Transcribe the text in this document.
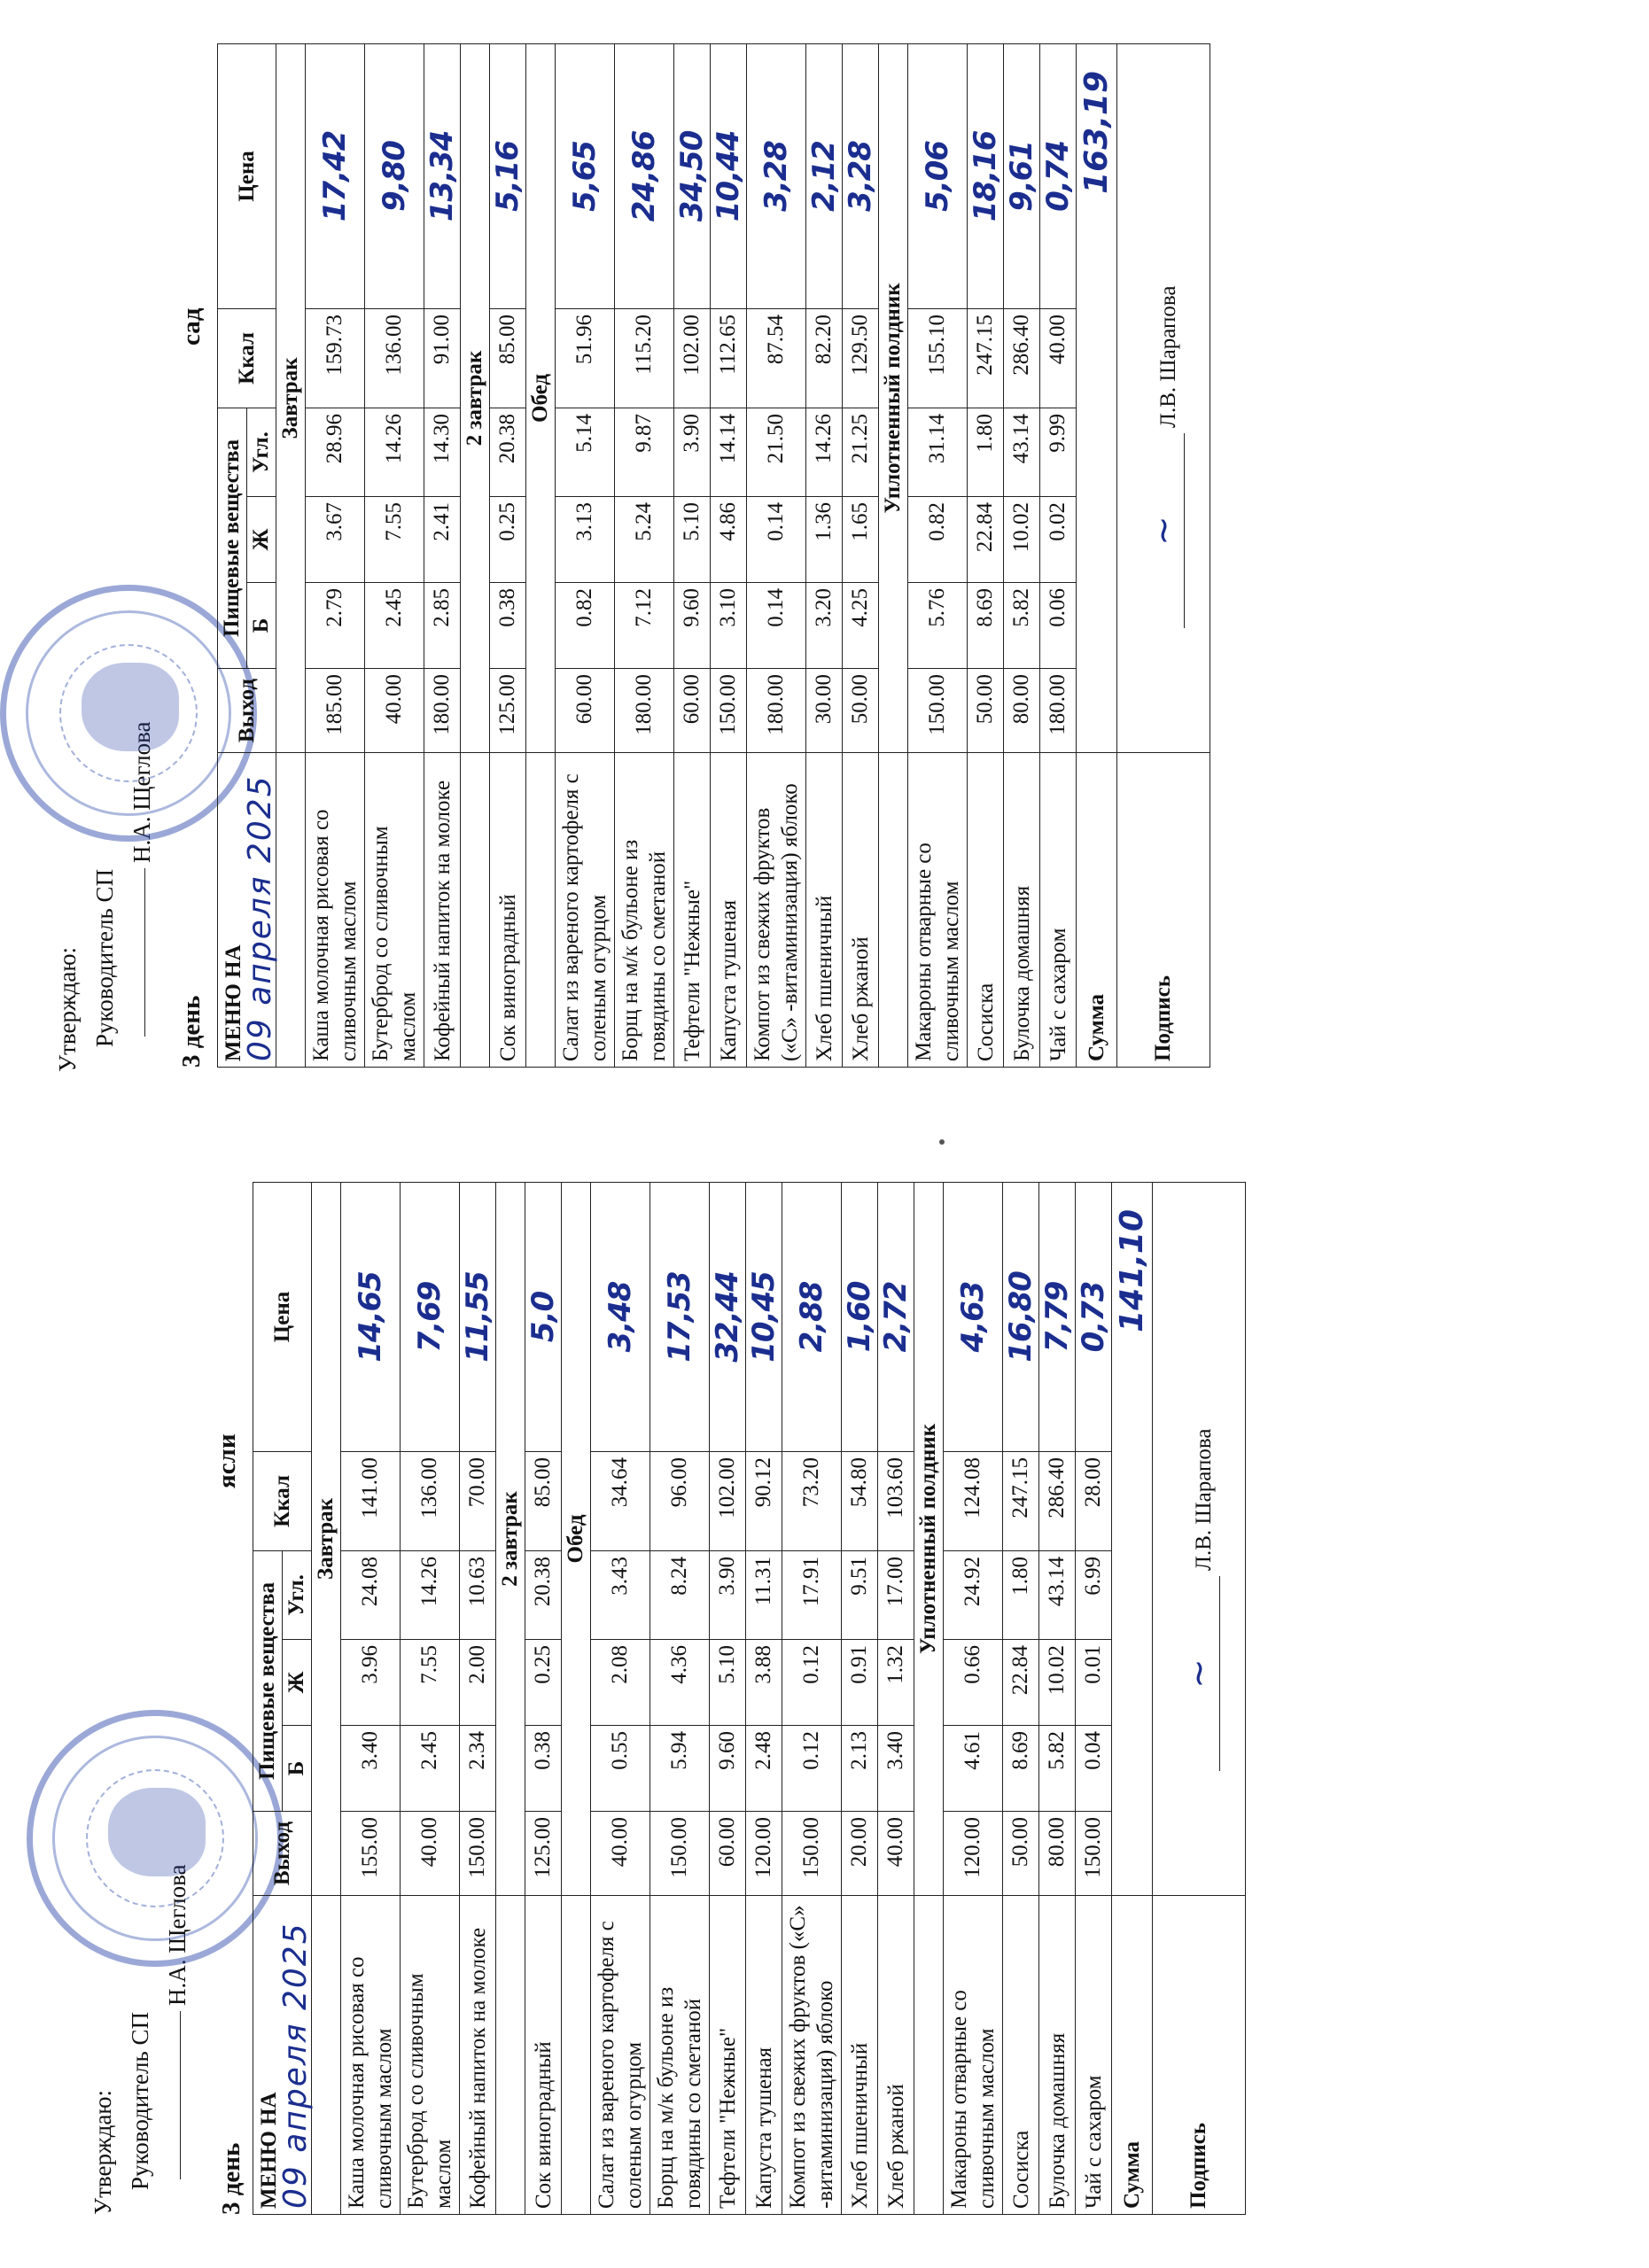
Утверждаю: Руководитель СП
Н.А. Щеглова
3 день
ясли
МЕНЮ НА
09 апреля 2025	Выход	Пищевые вещества			Ккал	Цена
		Б	Ж	Угл.		
	Завтрак					
Каша молочная рисовая со сливочным маслом	155.00	3.40	3.96	24.08	141.00	14,65
Бутерброд со сливочным маслом	40.00	2.45	7.55	14.26	136.00	7,69
Кофейный напиток на молоке	150.00	2.34	2.00	10.63	70.00	11,55
	2 завтрак					
Сок виноградный	125.00	0.38	0.25	20.38	85.00	5,0
	Обед					
Салат из вареного картофеля с соленым огурцом	40.00	0.55	2.08	3.43	34.64	3,48
Борщ на м/к бульоне из говядины со сметаной	150.00	5.94	4.36	8.24	96.00	17,53
Тефтели "Нежные"	60.00	9.60	5.10	3.90	102.00	32,44
Капуста тушеная	120.00	2.48	3.88	11.31	90.12	10,45
Компот из свежих фруктов («С» -витаминизация) яблоко	150.00	0.12	0.12	17.91	73.20	2,88
Хлеб пшеничный	20.00	2.13	0.91	9.51	54.80	1,60
Хлеб ржаной	40.00	3.40	1.32	17.00	103.60	2,72
	Уплотненный полдник					
Макароны отварные со сливочным маслом	120.00	4.61	0.66	24.92	124.08	4,63
Сосиска	50.00	8.69	22.84	1.80	247.15	16,80
Булочка домашняя	80.00	5.82	10.02	43.14	286.40	7,79
Чай с сахаром	150.00	0.04	0.01	6.99	28.00	0,73
Сумма	141,10					
Подпись	~Л.В. Шарапова					
Утверждаю: Руководитель СП
Н.А. Щеглова
3 день
сад
МЕНЮ НА
09 апреля 2025	Выход	Пищевые вещества			Ккал	Цена
		Б	Ж	Угл.		
	Завтрак					
Каша молочная рисовая со сливочным маслом	185.00	2.79	3.67	28.96	159.73	17,42
Бутерброд со сливочным маслом	40.00	2.45	7.55	14.26	136.00	9,80
Кофейный напиток на молоке	180.00	2.85	2.41	14.30	91.00	13,34
	2 завтрак					
Сок виноградный	125.00	0.38	0.25	20.38	85.00	5,16
	Обед					
Салат из вареного картофеля с соленым огурцом	60.00	0.82	3.13	5.14	51.96	5,65
Борщ на м/к бульоне из говядины со сметаной	180.00	7.12	5.24	9.87	115.20	24,86
Тефтели "Нежные"	60.00	9.60	5.10	3.90	102.00	34,50
Капуста тушеная	150.00	3.10	4.86	14.14	112.65	10,44
Компот из свежих фруктов («С» -витаминизация) яблоко	180.00	0.14	0.14	21.50	87.54	3,28
Хлеб пшеничный	30.00	3.20	1.36	14.26	82.20	2,12
Хлеб ржаной	50.00	4.25	1.65	21.25	129.50	3,28
	Уплотненный полдник					
Макароны отварные со сливочным маслом	150.00	5.76	0.82	31.14	155.10	5,06
Сосиска	50.00	8.69	22.84	1.80	247.15	18,16
Булочка домашняя	80.00	5.82	10.02	43.14	286.40	9,61
Чай с сахаром	180.00	0.06	0.02	9.99	40.00	0,74
Сумма	163,19					
Подпись	~Л.В. Шарапова					
